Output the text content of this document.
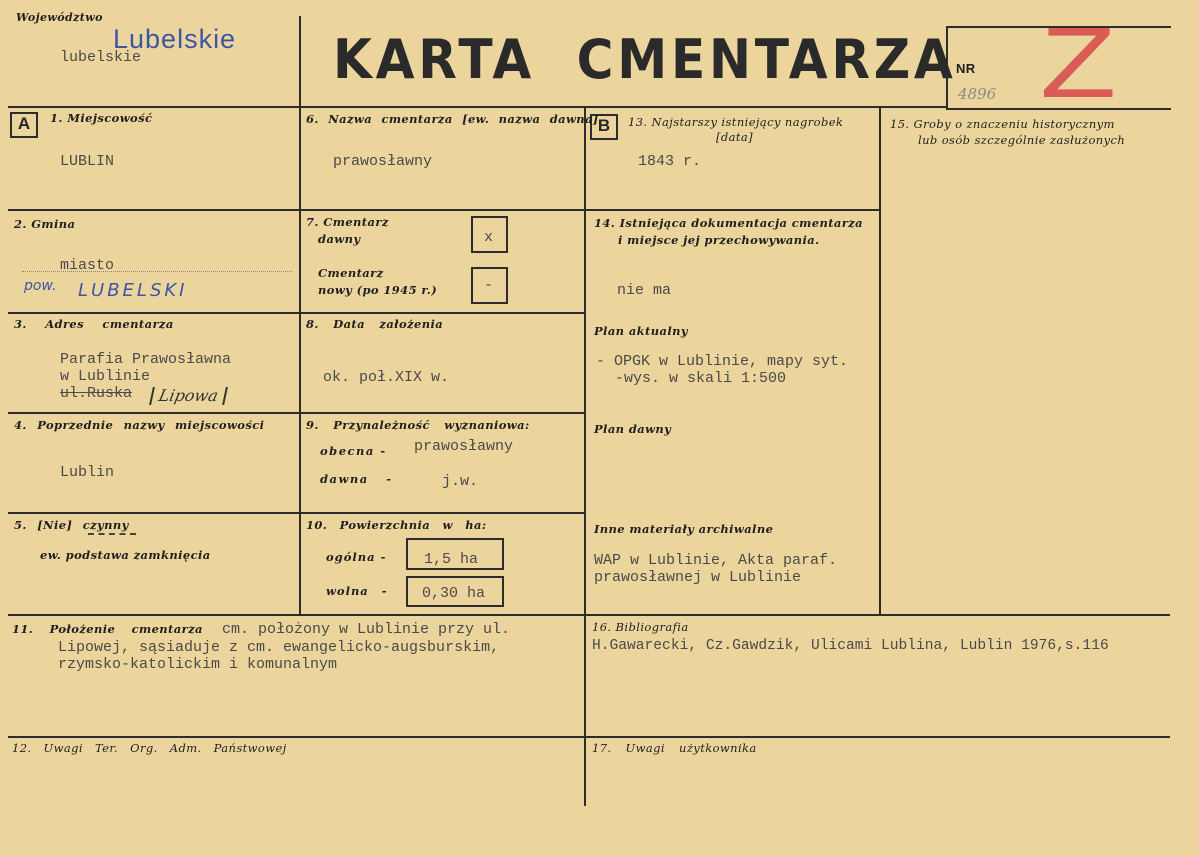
Województwo
Lubelskie
lubelskie	KARTA CMENTARZA NR
4896 Z
A	B
1. Miejscowość
LUBLIN
2. Gmina
miasto
pow. LUBELSKI
3. Adres cmentarza
Parafia Prawosławna
w Lublinie
ul.Ruska	Lipowa
4. Poprzednie nazwy miejscowości
Lublin
5. [Nie] czynny
ew. podstawa zamknięcia
6. Nazwa cmentarza [ew. nazwa dawna]
prawosławny
7. Cmentarz
dawny	x
Cmentarz
nowy (po 1945 r.)	-
8. Data założenia
ok. poł.XIX w.
9. Przynależność wyznaniowa:
obecna - prawosławny
dawna -	j.w.
10. Powierzchnia w ha:
ogólna -	1,5 ha
wolna - 0,30 ha
11. Położenie cmentarza cm. położony w Lublinie przy ul.
Lipowej, sąsiaduje z cm. ewangelicko-augsburskim,
rzymsko-katolickim i komunalnym
12. Uwagi Ter. Org. Adm. Państwowej
13. Najstarszy istniejący nagrobek
[data]
1843 r.
14. Istniejąca dokumentacja cmentarza
i miejsce jej przechowywania.
nie ma
Plan aktualny
- OPGK w Lublinie, mapy syt.
-wys. w skali 1:500
Plan dawny
Inne materiały archiwalne
WAP w Lublinie, Akta paraf.
prawosławnej w Lublinie
15. Groby o znaczeniu historycznym
lub osób szczególnie zasłużonych
16. Bibliografia
H.Gawarecki, Cz.Gawdzik, Ulicami Lublina, Lublin 1976,s.116
17. Uwagi użytkownika
